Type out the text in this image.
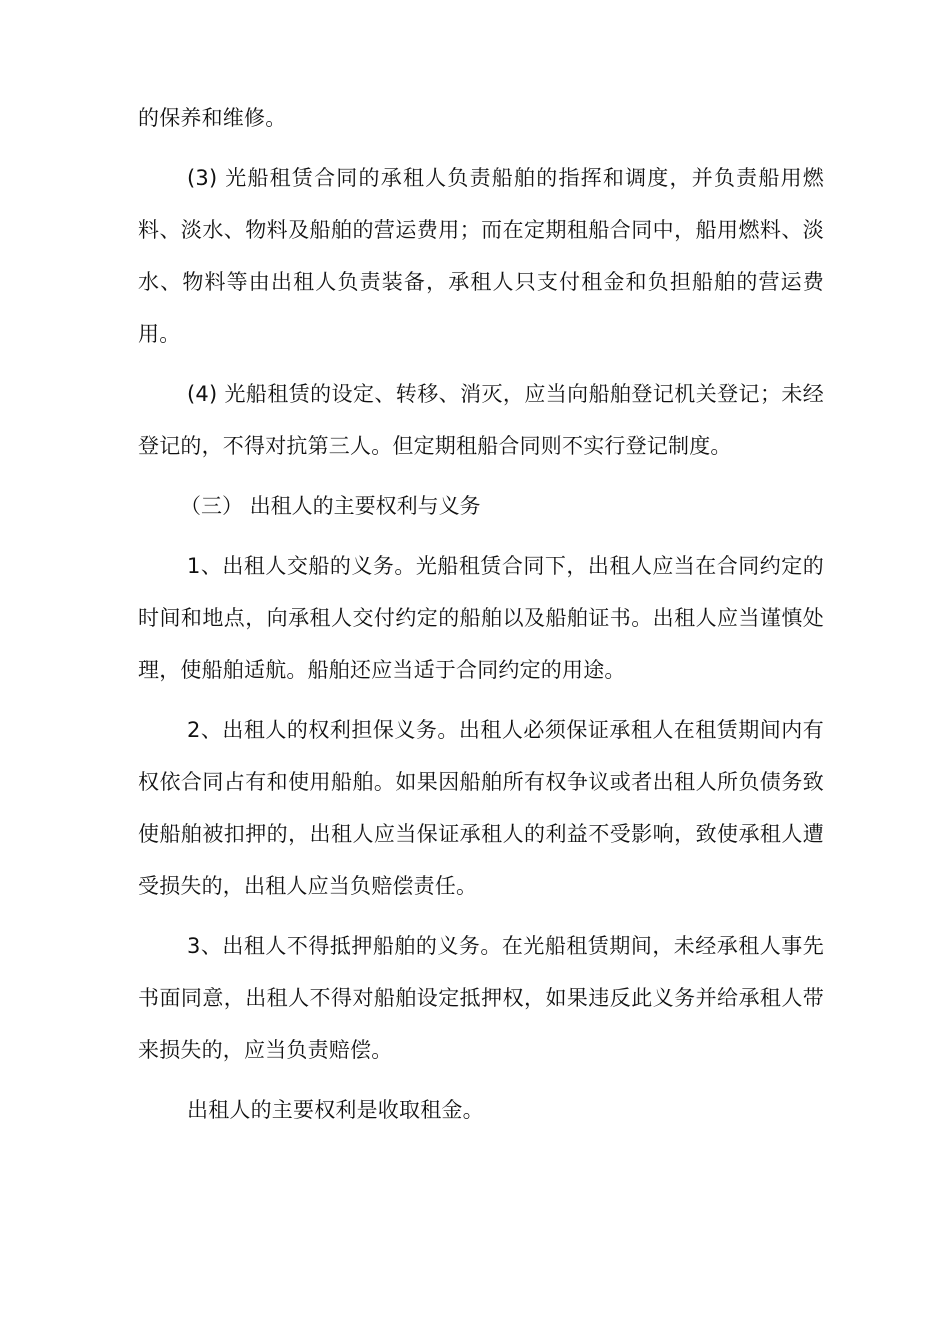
的保养和维修。

(3) 光船租赁合同的承租人负责船舶的指挥和调度，并负责船用燃料、淡水、物料及船舶的营运费用；而在定期租船合同中，船用燃料、淡水、物料等由出租人负责装备，承租人只支付租金和负担船舶的营运费用。

(4) 光船租赁的设定、转移、消灭，应当向船舶登记机关登记；未经登记的，不得对抗第三人。但定期租船合同则不实行登记制度。

（三） 出租人的主要权利与义务

1、出租人交船的义务。光船租赁合同下，出租人应当在合同约定的时间和地点，向承租人交付约定的船舶以及船舶证书。出租人应当谨慎处理，使船舶适航。船舶还应当适于合同约定的用途。

2、出租人的权利担保义务。出租人必须保证承租人在租赁期间内有权依合同占有和使用船舶。如果因船舶所有权争议或者出租人所负债务致使船舶被扣押的，出租人应当保证承租人的利益不受影响，致使承租人遭受损失的，出租人应当负赔偿责任。

3、出租人不得抵押船舶的义务。在光船租赁期间，未经承租人事先书面同意，出租人不得对船舶设定抵押权，如果违反此义务并给承租人带来损失的，应当负责赔偿。

出租人的主要权利是收取租金。
